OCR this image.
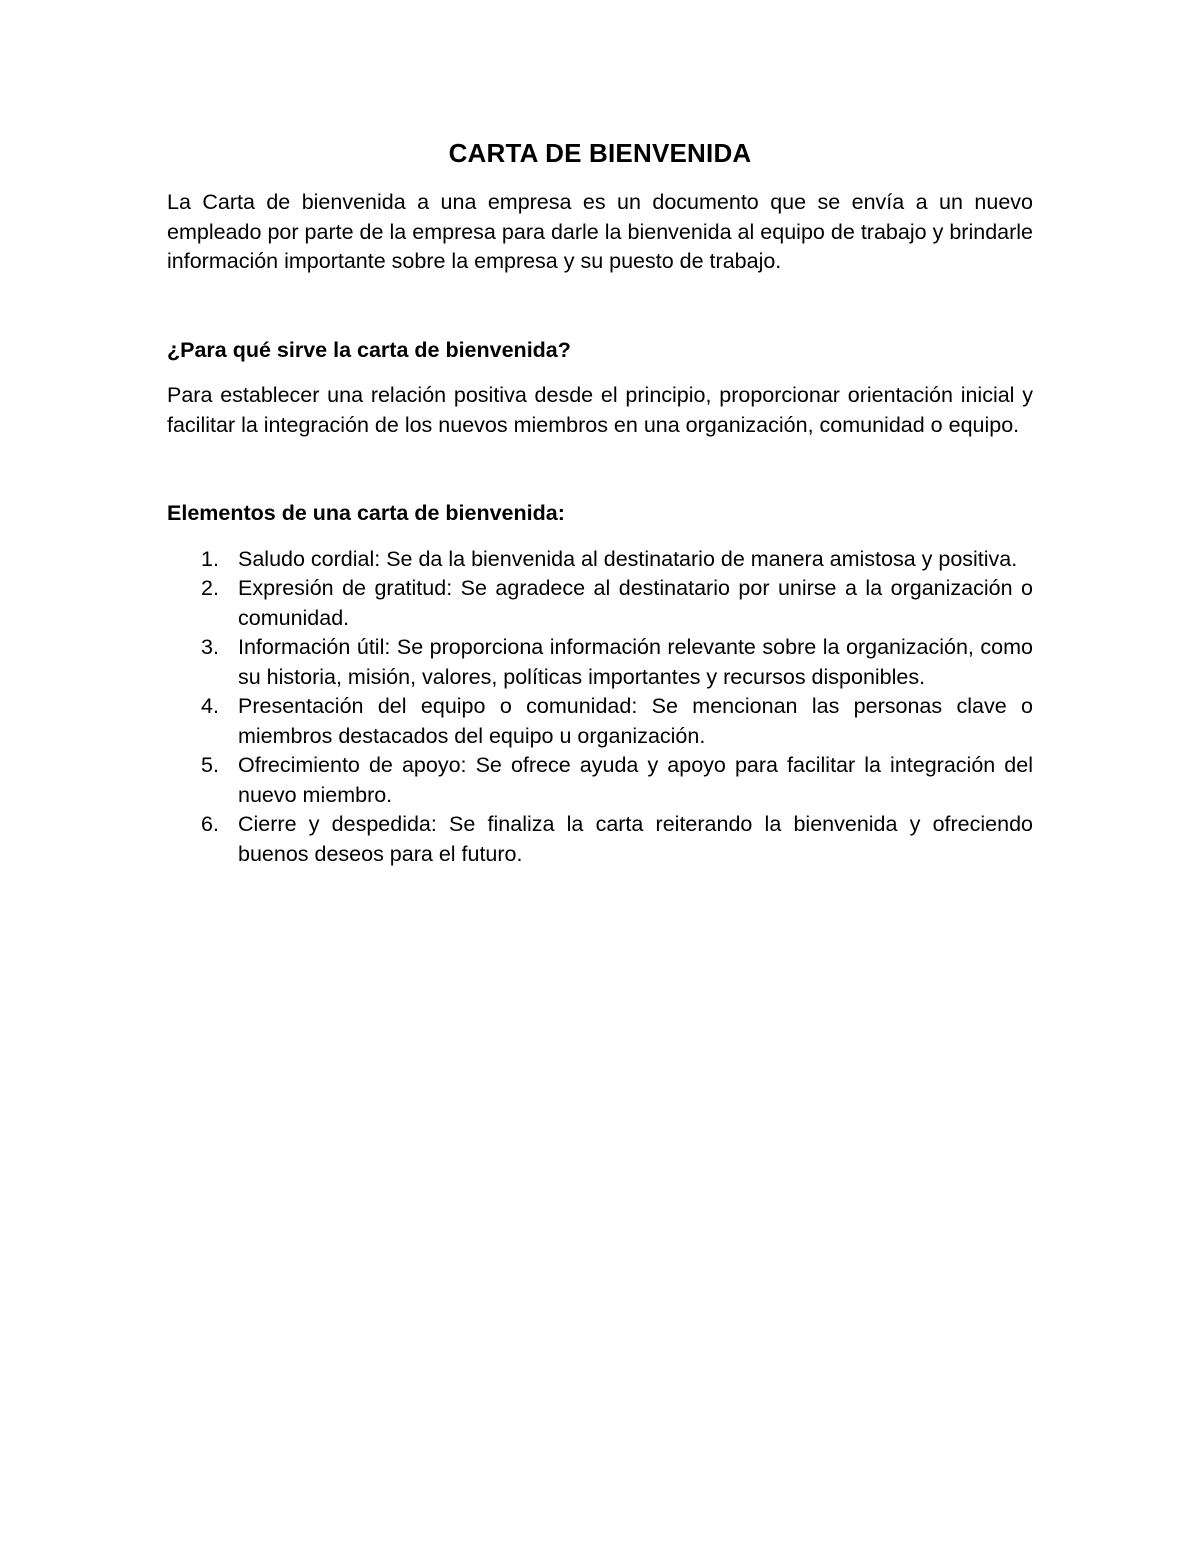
CARTA DE BIENVENIDA

La Carta de bienvenida a una empresa es un documento que se envía a un nuevo empleado por parte de la empresa para darle la bienvenida al equipo de trabajo y brindarle información importante sobre la empresa y su puesto de trabajo.

¿Para qué sirve la carta de bienvenida?

Para establecer una relación positiva desde el principio, proporcionar orientación inicial y facilitar la integración de los nuevos miembros en una organización, comunidad o equipo.

Elementos de una carta de bienvenida:
1. Saludo cordial: Se da la bienvenida al destinatario de manera amistosa y positiva.
2. Expresión de gratitud: Se agradece al destinatario por unirse a la organización o comunidad.
3. Información útil: Se proporciona información relevante sobre la organización, como su historia, misión, valores, políticas importantes y recursos disponibles.
4. Presentación del equipo o comunidad: Se mencionan las personas clave o miembros destacados del equipo u organización.
5. Ofrecimiento de apoyo: Se ofrece ayuda y apoyo para facilitar la integración del nuevo miembro.
6. Cierre y despedida: Se finaliza la carta reiterando la bienvenida y ofreciendo buenos deseos para el futuro.
